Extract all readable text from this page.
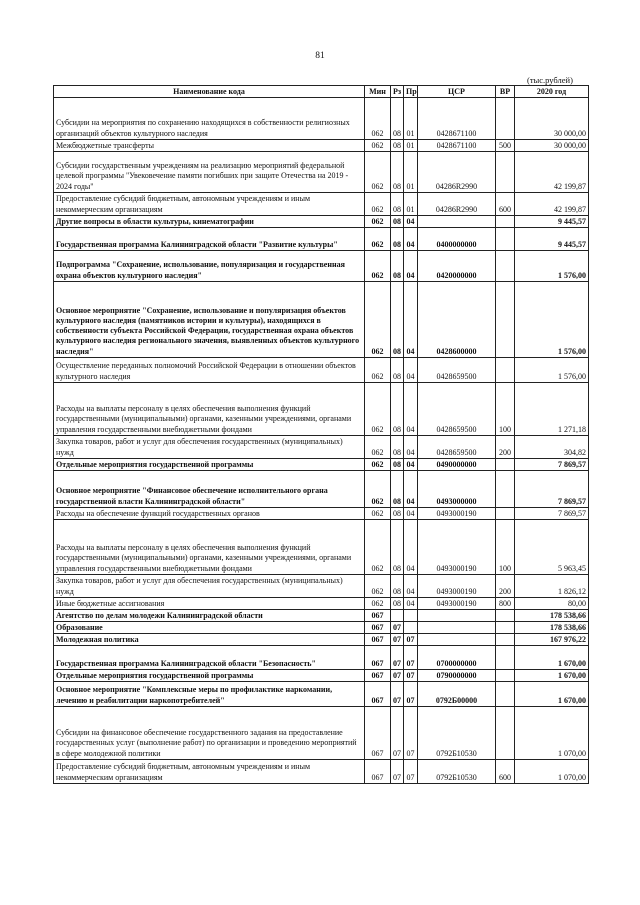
81
(тыс.рублей)
Наименование кода	Мин	Рз	Пр	ЦСР	ВР	2020 год
Субсидии на мероприятия по сохранению находящихся в собственности религиозных организаций объектов культурного наследия	062	08	01	0428671100		30 000,00
Межбюджетные трансферты	062	08	01	0428671100	500	30 000,00
Субсидии государственным учреждениям на реализацию мероприятий федеральной целевой программы "Увековечение памяти погибших при защите Отечества на 2019 - 2024 годы"	062	08	01	04286R2990		42 199,87
Предоставление субсидий бюджетным, автономным учреждениям и иным некоммерческим организациям	062	08	01	04286R2990	600	42 199,87
Другие вопросы в области культуры, кинематографии	062	08	04			9 445,57
Государственная программа Калининградской области "Развитие культуры"	062	08	04	0400000000		9 445,57
Подпрограмма "Сохранение, использование, популяризация и государственная охрана объектов культурного наследия"	062	08	04	0420000000		1 576,00
Основное мероприятие "Сохранение, использование и популяризация объектов культурного наследия (памятников истории и культуры), находящихся в собственности субъекта Российской Федерации, государственная охрана объектов культурного наследия регионального значения, выявленных объектов культурного наследия"	062	08	04	0428600000		1 576,00
Осуществление переданных полномочий Российской Федерации в отношении объектов культурного наследия	062	08	04	0428659500		1 576,00
Расходы на выплаты персоналу в целях обеспечения выполнения функций государственными (муниципальными) органами, казенными учреждениями, органами управления государственными внебюджетными фондами	062	08	04	0428659500	100	1 271,18
Закупка товаров, работ и услуг для обеспечения государственных (муниципальных) нужд	062	08	04	0428659500	200	304,82
Отдельные мероприятия государственной программы	062	08	04	0490000000		7 869,57
Основное мероприятие "Финансовое обеспечение исполнительного органа государственной власти Калининградской области"	062	08	04	0493000000		7 869,57
Расходы на обеспечение функций государственных органов	062	08	04	0493000190		7 869,57
Расходы на выплаты персоналу в целях обеспечения выполнения функций государственными (муниципальными) органами, казенными учреждениями, органами управления государственными внебюджетными фондами	062	08	04	0493000190	100	5 963,45
Закупка товаров, работ и услуг для обеспечения государственных (муниципальных) нужд	062	08	04	0493000190	200	1 826,12
Иные бюджетные ассигнования	062	08	04	0493000190	800	80,00
Агентство по делам молодежи Калининградской области	067					178 538,66
Образование	067	07				178 538,66
Молодежная политика	067	07	07			167 976,22
Государственная программа Калининградской области "Безопасность"	067	07	07	0700000000		1 670,00
Отдельные мероприятия государственной программы	067	07	07	0790000000		1 670,00
Основное мероприятие "Комплексные меры по профилактике наркомании, лечению и реабилитации наркопотребителей"	067	07	07	0792Б00000		1 670,00
Субсидии на финансовое обеспечение государственного задания на предоставление государственных услуг (выполнение работ) по организации и проведению мероприятий в сфере молодежной политики	067	07	07	0792Б10530		1 070,00
Предоставление субсидий бюджетным, автономным учреждениям и иным некоммерческим организациям	067	07	07	0792Б10530	600	1 070,00
